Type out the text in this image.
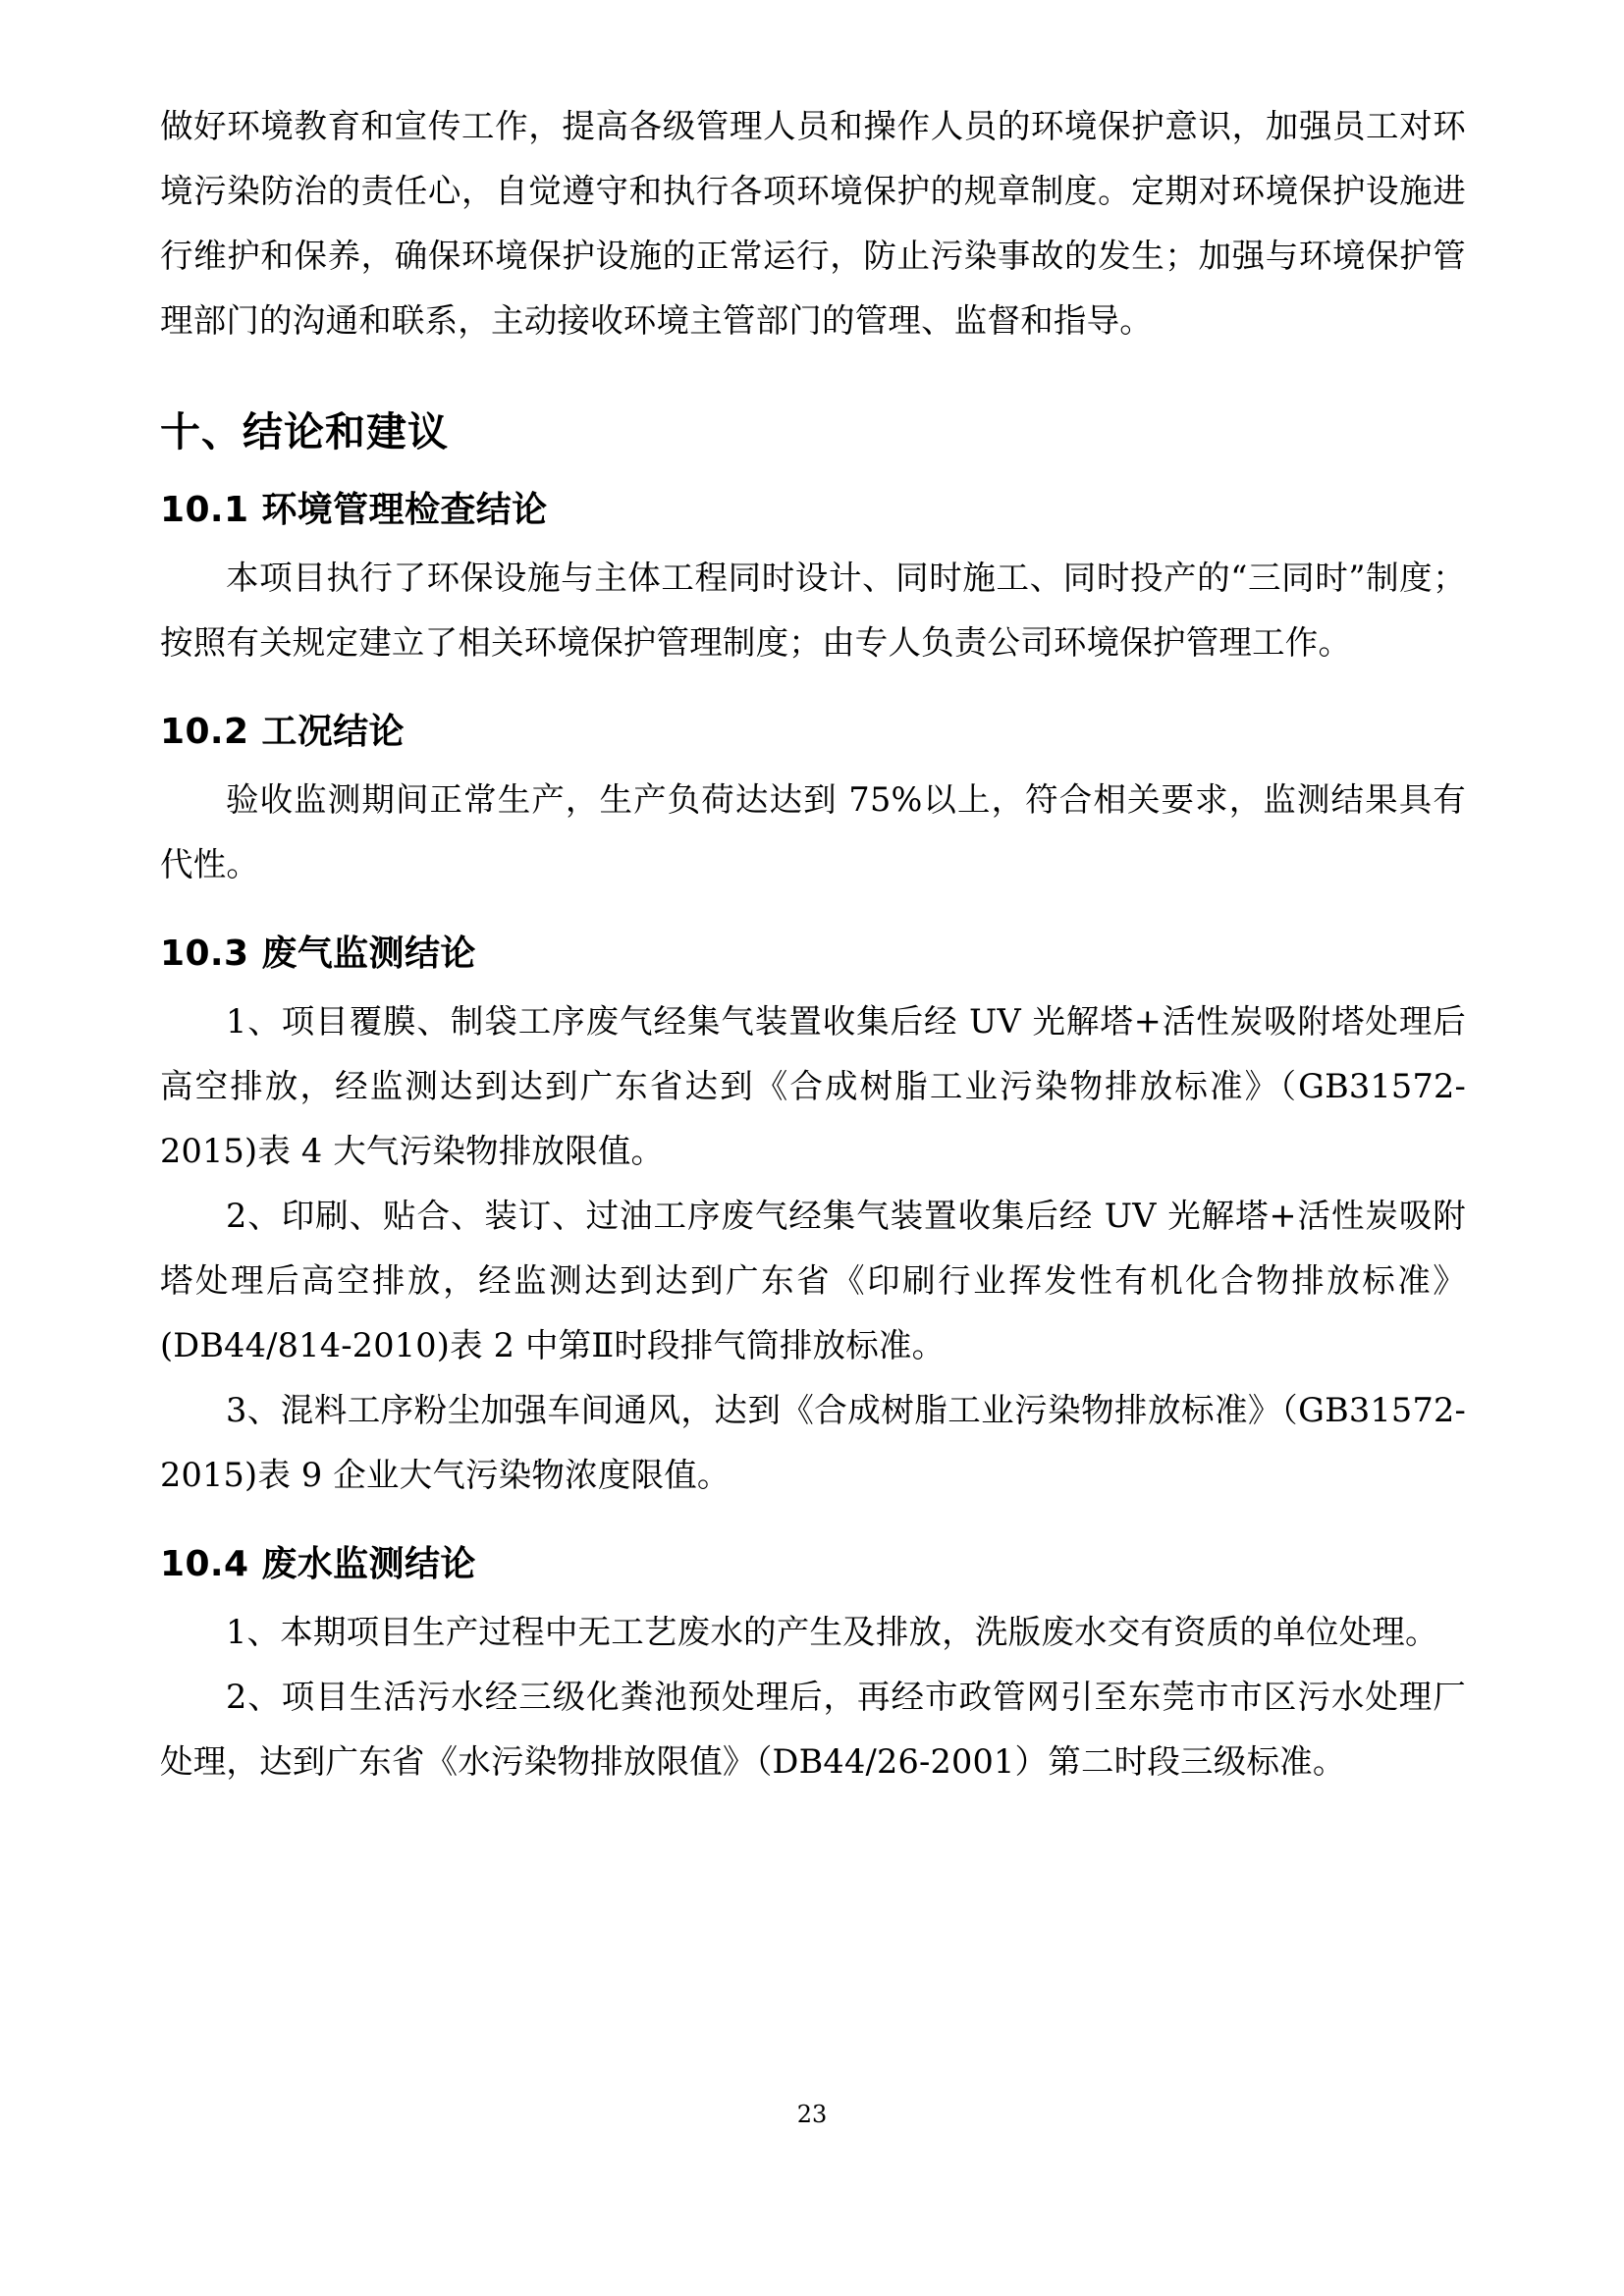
做好环境教育和宣传工作，提高各级管理人员和操作人员的环境保护意识，加强员工对环境污染防治的责任心，自觉遵守和执行各项环境保护的规章制度。定期对环境保护设施进行维护和保养，确保环境保护设施的正常运行，防止污染事故的发生；加强与环境保护管理部门的沟通和联系，主动接收环境主管部门的管理、监督和指导。

十、结论和建议
10.1 环境管理检查结论

本项目执行了环保设施与主体工程同时设计、同时施工、同时投产的“三同时”制度；按照有关规定建立了相关环境保护管理制度；由专人负责公司环境保护管理工作。

10.2 工况结论

验收监测期间正常生产，生产负荷达达到 75%以上，符合相关要求，监测结果具有代性。

10.3 废气监测结论

1、项目覆膜、制袋工序废气经集气装置收集后经 UV 光解塔+活性炭吸附塔处理后高空排放，经监测达到达到广东省达到《合成树脂工业污染物排放标准》（GB31572-2015)表 4 大气污染物排放限值。

2、印刷、贴合、装订、过油工序废气经集气装置收集后经 UV 光解塔+活性炭吸附塔处理后高空排放，经监测达到达到广东省《印刷行业挥发性有机化合物排放标准》(DB44/814-2010)表 2 中第Ⅱ时段排气筒排放标准。

3、混料工序粉尘加强车间通风，达到《合成树脂工业污染物排放标准》（GB31572-2015)表 9 企业大气污染物浓度限值。

10.4 废水监测结论

1、本期项目生产过程中无工艺废水的产生及排放，洗版废水交有资质的单位处理。

2、项目生活污水经三级化粪池预处理后，再经市政管网引至东莞市市区污水处理厂处理，达到广东省《水污染物排放限值》（DB44/26-2001）第二时段三级标准。

23
